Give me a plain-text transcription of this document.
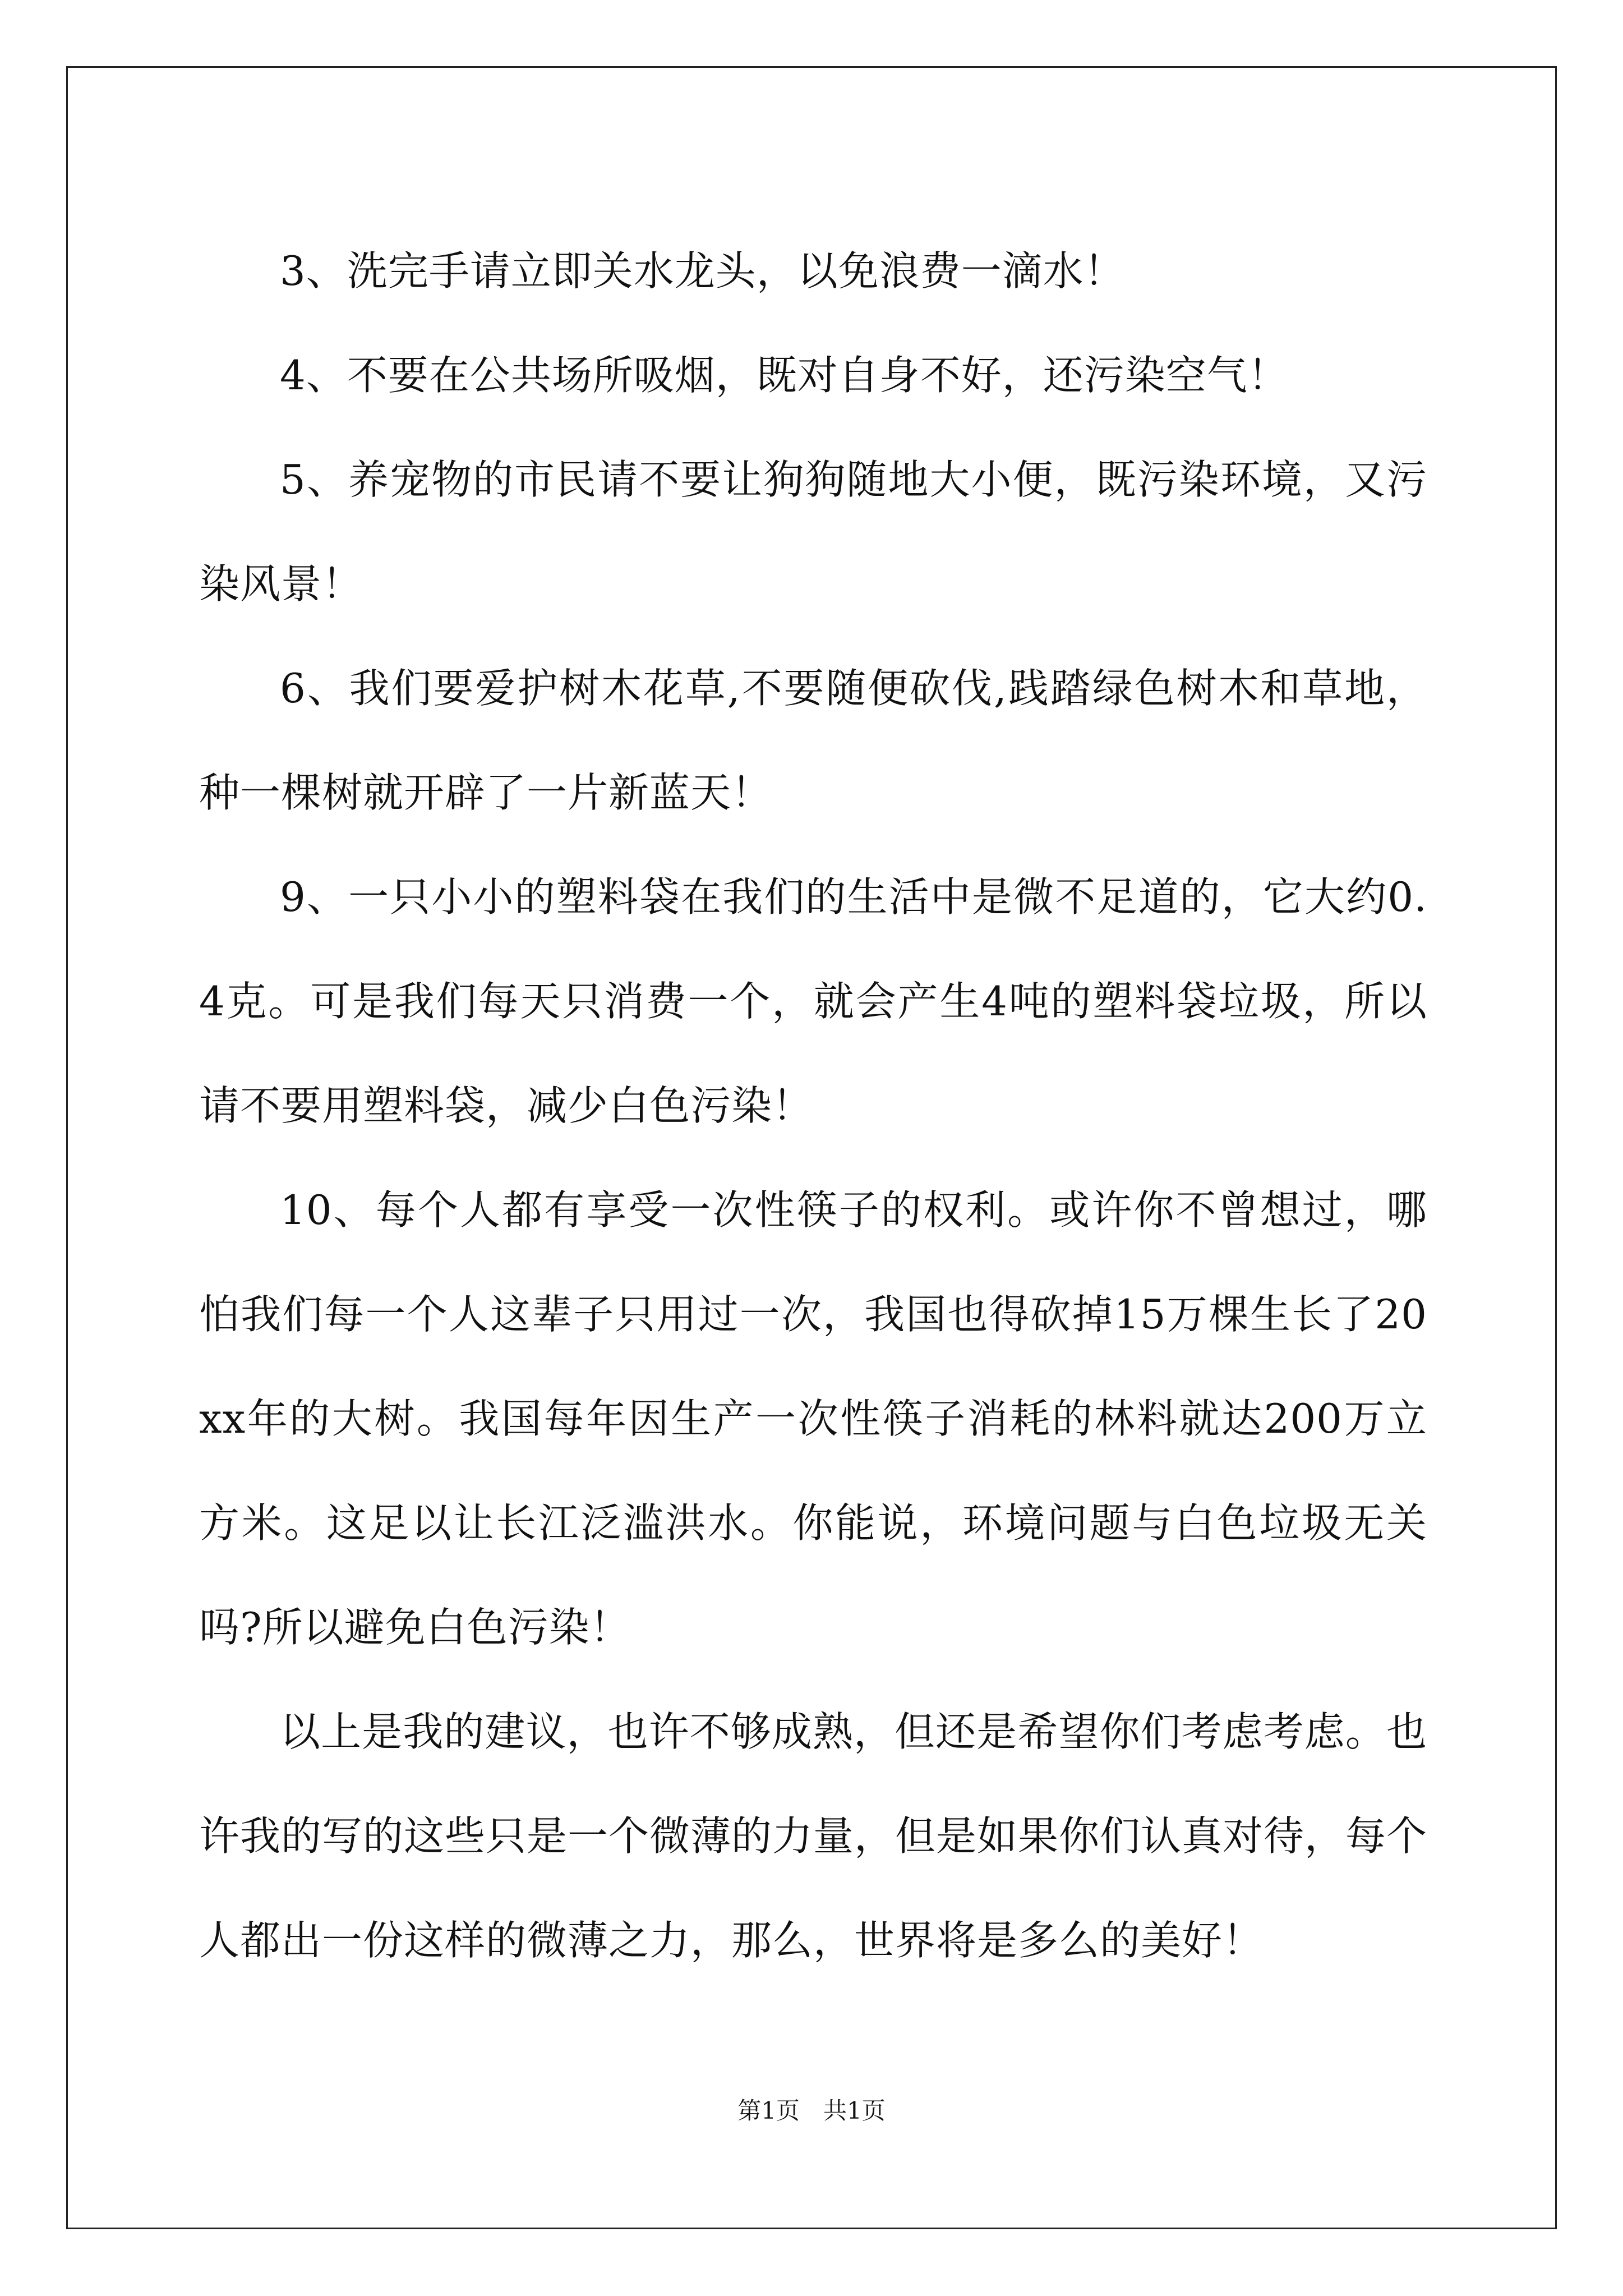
3、洗完手请立即关水龙头，以免浪费一滴水！

4、不要在公共场所吸烟，既对自身不好，还污染空气！

5、养宠物的市民请不要让狗狗随地大小便，既污染环境，又污染风景！

6、我们要爱护树木花草,不要随便砍伐,践踏绿色树木和草地，种一棵树就开辟了一片新蓝天！

9、一只小小的塑料袋在我们的生活中是微不足道的，它大约0.4克。可是我们每天只消费一个，就会产生4吨的塑料袋垃圾，所以请不要用塑料袋，减少白色污染！

10、每个人都有享受一次性筷子的权利。或许你不曾想过，哪怕我们每一个人这辈子只用过一次，我国也得砍掉15万棵生长了20xx年的大树。我国每年因生产一次性筷子消耗的林料就达200万立方米。这足以让长江泛滥洪水。你能说，环境问题与白色垃圾无关吗?所以避免白色污染！

以上是我的建议，也许不够成熟，但还是希望你们考虑考虑。也许我的写的这些只是一个微薄的力量，但是如果你们认真对待，每个人都出一份这样的微薄之力，那么，世界将是多么的美好！

第1页　共1页
